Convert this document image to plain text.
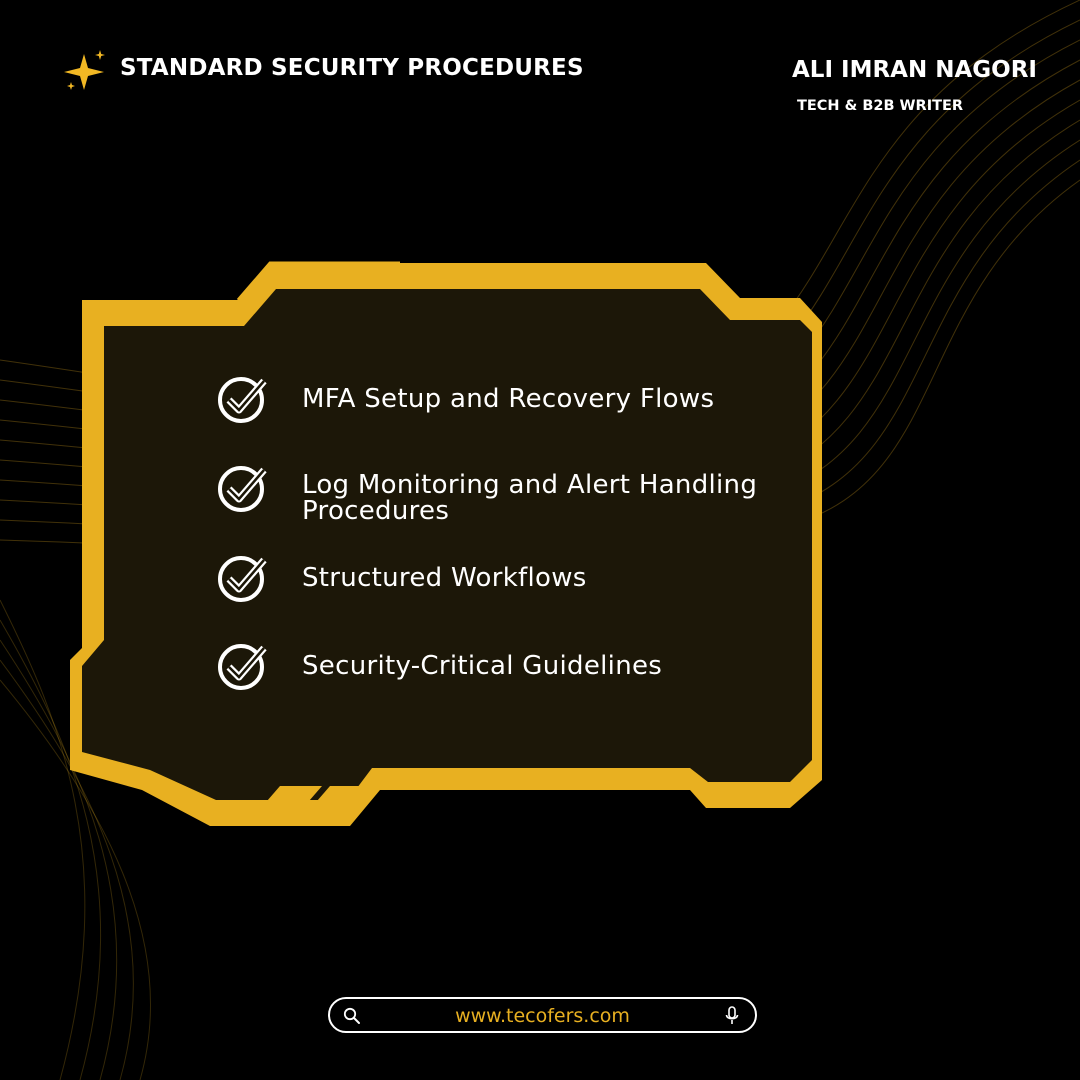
STANDARD SECURITY PROCEDURES	ALI IMRAN NAGORI
TECH & B2B WRITER
MFA Setup and Recovery Flows
Log Monitoring and Alert Handling Procedures
Structured Workflows
Security-Critical Guidelines
www.tecofers.com
